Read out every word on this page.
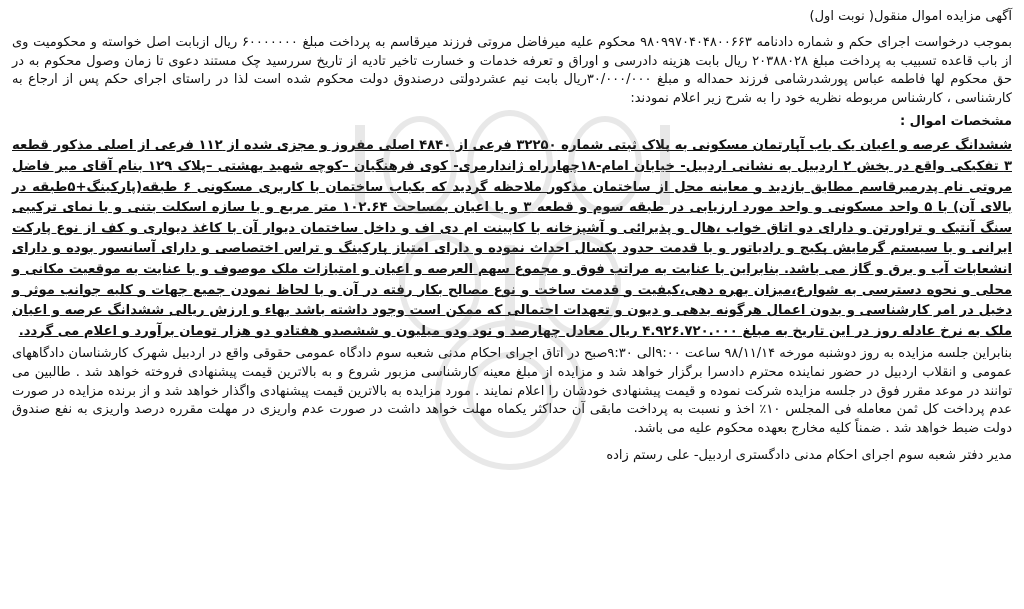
آگهی مزایده اموال منقول( نوبت اول)

بموجب درخواست اجرای حکم و شماره دادنامه ۹۸۰۹۹۷۰۴۰۴۸۰۰۶۶۳ محکوم علیه میرفاضل مروتی فرزند میرقاسم به پرداخت مبلغ ۶۰۰۰۰۰۰۰ ریال ازبابت اصل خواسته و محکومیت وی از باب قاعده تسبیب به پرداخت مبلغ ۲۰۳۸۸۰۲۸ ریال بابت هزینه دادرسی و اوراق و تعرفه خدمات و خسارت تاخیر تادیه از تاریخ سررسید چک مستند دعوی تا زمان وصول محکوم به در حق محکوم لها فاطمه عباس پورشدرشامی فرزند حمداله و مبلغ ۳۰/۰۰۰/۰۰۰ریال بابت نیم عشردولتی درصندوق دولت محکوم شده است لذا در راستای اجرای حکم پس از ارجاع به کارشناسی ، کارشناس مربوطه نظریه خود را به شرح زیر اعلام نمودند:

مشخصات اموال :

ششدانگ عرصه و اعیان یک باب آپارتمان مسکونی به پلاک ثبتی شماره ۳۲۲۵۰ فرعی از ۴۸۴۰ اصلی مفروز و مجزی شده از ۱۱۲ فرعی از اصلی مذکور قطعه ۳ تفکیکی واقع در بخش ۲ اردبیل به نشانی اردبیل- خیابان امام-۱۸چهارراه ژاندارمری- کوی فرهنگیان –کوچه شهید بهشتی –پلاک ۱۲۹ بنام آقای میر فاضل مروتی نام پدرمیرقاسم مطابق بازدید و معاینه محل از ساختمان مذکور ملاحظه گردید که یکباب ساختمان با کاربری مسکونی ۶ طبقه(پارکینگ+۵طبقه در بالای آن) با ۵ واحد مسکونی و واحد مورد ارزیابی در طبقه سوم و قطعه ۳ و با اعیان بمساحت ۱۰۲.۶۴ متر مربع و با سازه اسکلت بتنی و با نمای ترکیبی سنگ آنتیک و تراورتن و دارای دو اتاق خواب ،هال و پذیرائی و آشپزخانه با کابینت ام دی اف و داخل ساختمان دیوار آن با کاغذ دیواری و کف از نوع پارکت ایرانی و با سیستم گرمایش پکیج و رادیاتور و با قدمت حدود یکسال احداث نموده و دارای امتیاز پارکینگ و تراس اختصاصی و دارای آسانسور بوده و دارای انشعابات آب و برق و گاز می باشد. بنابراین با عنایت به مراتب فوق و مجموع سهم العرصه و اعیان و امتیازات ملک موصوف و با عنایت به موقعیت مکانی و محلی و نحوه دسترسی به شوارع،میزان بهره دهی،کیفیت و قدمت ساخت و نوع مصالح بکار رفته در آن و با لحاظ نمودن جمیع جهات و کلیه جوانب موثر و دخیل در امر کارشناسی و بدون اعمال هرگونه بدهی و دیون و تعهدات احتمالی که ممکن است وجود داشته باشد بهاء و ارزش ریالی ششدانگ عرصه و اعیان ملک به نرخ عادله روز در این تاریخ به مبلغ ۴.۹۲۶.۷۲۰.۰۰۰ ریال معادل چهارصد و نود ودو میلیون و ششصدو هفتادو دو هزار تومان برآورد و اعلام می گردد.

بنابراین جلسه مزایده به روز دوشنبه مورخه ۹۸/۱۱/۱۴ ساعت ۹:۰۰الی ۹:۳۰صبح در اتاق اجرای احکام مدنی شعبه سوم دادگاه عمومی حقوقی واقع در اردبیل شهرک کارشناسان دادگاههای عمومی و انقلاب اردبیل در حضور نماینده محترم دادسرا برگزار خواهد شد و مزایده از مبلغ معینه کارشناسی مزبور شروع و به بالاترین قیمت پیشنهادی فروخته خواهد شد . طالبین می توانند در موعد مقرر فوق در جلسه مزایده شرکت نموده و قیمت پیشنهادی خودشان را اعلام نمایند . مورد مزایده به بالاترین قیمت پیشنهادی واگذار خواهد شد و از برنده مزایده در صورت عدم پرداخت کل ثمن معامله فی المجلس ۱۰٪ اخذ و نسبت به پرداخت مابقی آن حداکثر یکماه مهلت خواهد داشت در صورت عدم واریزی در مهلت مقرره درصد واریزی به نفع صندوق دولت ضبط خواهد شد . ضمناً کلیه مخارج بعهده محکوم علیه می باشد.

مدیر دفتر شعبه سوم اجرای احکام مدنی دادگستری اردبیل- علی رستم زاده
